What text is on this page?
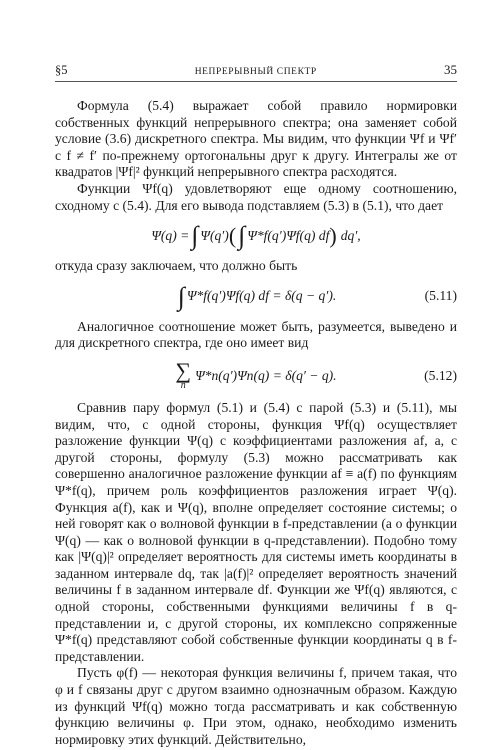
§5	НЕПРЕРЫВНЫЙ СПЕКТР	35

Формула (5.4) выражает собой правило нормировки собственных функций непрерывного спектра; она заменяет собой условие (3.6) дискретного спектра. Мы видим, что функции Ψf и Ψf′ с f ≠ f′ по-прежнему ортогональны друг к другу. Интегралы же от квадратов |Ψf|² функций непрерывного спектра расходятся.

Функции Ψf(q) удовлетворяют еще одному соотношению, сходному с (5.4). Для его вывода подставляем (5.3) в (5.1), что дает

Ψ(q) = ∫ Ψ(q′) ( ∫ Ψ*f(q′)Ψf(q) df ) dq′,

откуда сразу заключаем, что должно быть

∫ Ψ*f(q′)Ψf(q) df = δ(q − q′).	(5.11)

Аналогичное соотношение может быть, разумеется, выведено и для дискретного спектра, где оно имеет вид

∑
n
Ψ*n(q′)Ψn(q) = δ(q′ − q).	(5.12)

Сравнив пару формул (5.1) и (5.4) с парой (5.3) и (5.11), мы видим, что, с одной стороны, функция Ψf(q) осуществляет разложение функции Ψ(q) с коэффициентами разложения af, а, с другой стороны, формулу (5.3) можно рассматривать как совершенно аналогичное разложение функции af ≡ a(f) по функциям Ψ*f(q), причем роль коэффициентов разложения играет Ψ(q). Функция a(f), как и Ψ(q), вполне определяет состояние системы; о ней говорят как о волновой функции в f-представлении (а о функции Ψ(q) — как о волновой функции в q-представлении). Подобно тому как |Ψ(q)|² определяет вероятность для системы иметь координаты в заданном интервале dq, так |a(f)|² определяет вероятность значений величины f в заданном интервале df. Функции же Ψf(q) являются, с одной стороны, собственными функциями величины f в q-представлении и, с другой стороны, их комплексно сопряженные Ψ*f(q) представляют собой собственные функции координаты q в f-представлении.

Пусть φ(f) — некоторая функция величины f, причем такая, что φ и f связаны друг с другом взаимно однозначным образом. Каждую из функций Ψf(q) можно тогда рассматривать и как собственную функцию величины φ. При этом, однако, необходимо изменить нормировку этих функций. Действительно,
